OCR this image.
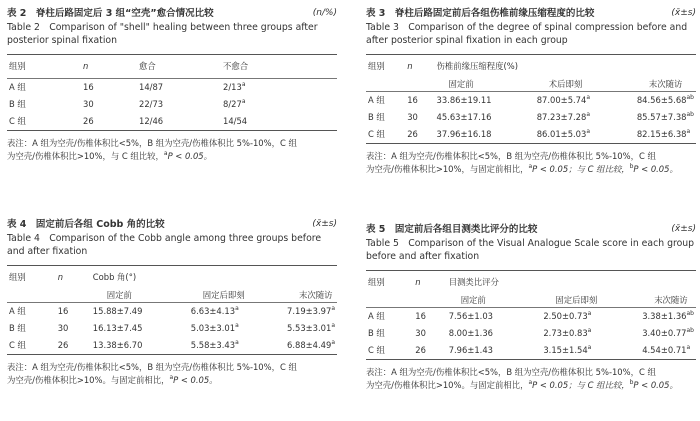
表 2　脊柱后路固定后 3 组“空壳”愈合情况比较	(n/%)
Table 2　Comparison of "shell" healing between three groups after posterior spinal fixation
组别	n	愈合	不愈合
A 组	16	14/87	2/13$^a$
B 组	30	22/73	8/27$^a$
C 组	26	12/46	14/54
表注：A 组为空壳/伤椎体积比<5%，B 组为空壳/伤椎体积比 5%-10%，C 组
为空壳/伤椎体积比>10%，与 C 组比较，$^a$P < 0.05。
表 3　脊柱后路固定前后各组伤椎前缘压缩程度的比较	(x̄±s)
Table 3　Comparison of the degree of spinal compression before and after posterior spinal fixation in each group
组别	n	伤椎前缘压缩程度(%)		
		固定前	术后即刻	末次随访
A 组	16	33.86±19.11	87.00±5.74$^a$	84.56±5.68$^{ab}$
B 组	30	45.63±17.16	87.23±7.28$^a$	85.57±7.38$^{ab}$
C 组	26	37.96±16.18	86.01±5.03$^a$	82.15±6.38$^a$
表注：A 组为空壳/伤椎体积比<5%，B 组为空壳/伤椎体积比 5%-10%，C 组
为空壳/伤椎体积比>10%，与固定前相比，$^a$P < 0.05；与 C 组比较，$^b$P < 0.05。
表 4　固定前后各组 Cobb 角的比较	(x̄±s)
Table 4　Comparison of the Cobb angle among three groups before and after fixation
组别	n	Cobb 角(°)		
		固定前	固定后即刻	末次随访
A 组	16	15.88±7.49	6.63±4.13$^a$	7.19±3.97$^a$
B 组	30	16.13±7.45	5.03±3.01$^a$	5.53±3.01$^a$
C 组	26	13.38±6.70	5.58±3.43$^a$	6.88±4.49$^a$
表注：A 组为空壳/伤椎体积比<5%，B 组为空壳/伤椎体积比 5%-10%，C 组
为空壳/伤椎体积比>10%。与固定前相比，$^a$P < 0.05。
表 5　固定前后各组目测类比评分的比较	(x̄±s)
Table 5　Comparison of the Visual Analogue Scale score in each group before and after fixation
组别	n	目测类比评分		
		固定前	固定后即刻	末次随访
A 组	16	7.56±1.03	2.50±0.73$^a$	3.38±1.36$^{ab}$
B 组	30	8.00±1.36	2.73±0.83$^a$	3.40±0.77$^{ab}$
C 组	26	7.96±1.43	3.15±1.54$^a$	4.54±0.71$^a$
表注：A 组为空壳/伤椎体积比<5%，B 组为空壳/伤椎体积比 5%-10%，C 组
为空壳/伤椎体积比>10%。与固定前相比，$^a$P < 0.05；与 C 组比较，$^b$P < 0.05。
